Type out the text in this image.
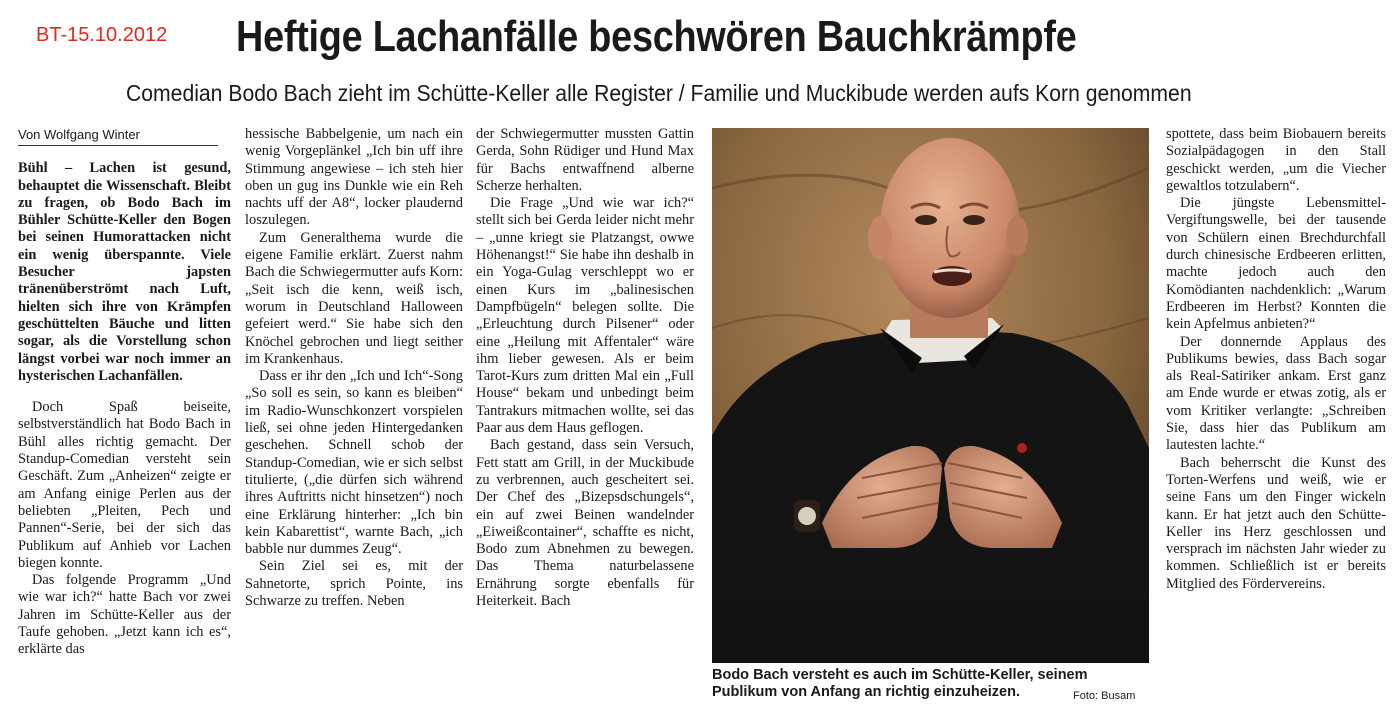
BT-15.10.2012 Heftige Lachanfälle beschwören Bauchkrämpfe
Comedian Bodo Bach zieht im Schütte-Keller alle Register / Familie und Muckibude werden aufs Korn genommen
Von Wolfgang Winter

Bühl – Lachen ist gesund, behauptet die Wissenschaft. Bleibt zu fragen, ob Bodo Bach im Bühler Schütte-Keller den Bogen bei seinen Humorattacken nicht ein wenig überspannte. Viele Besucher japsten tränenüberströmt nach Luft, hielten sich ihre von Krämpfen geschüttelten Bäuche und litten sogar, als die Vorstellung schon längst vorbei war noch immer an hysterischen Lachanfällen.

Doch Spaß beiseite, selbstverständlich hat Bodo Bach in Bühl alles richtig gemacht. Der Standup-Comedian versteht sein Geschäft. Zum „Anheizen“ zeigte er am Anfang einige Perlen aus der beliebten „Pleiten, Pech und Pannen“-Serie, bei der sich das Publikum auf Anhieb vor Lachen biegen konnte.

Das folgende Programm „Und wie war ich?“ hatte Bach vor zwei Jahren im Schütte-Keller aus der Taufe gehoben. „Jetzt kann ich es“, erklärte das

hessische Babbelgenie, um nach ein wenig Vorgeplänkel „Ich bin uff ihre Stimmung angewiese – ich steh hier oben un gug ins Dunkle wie ein Reh nachts uff der A8“, locker plaudernd loszulegen.

Zum Generalthema wurde die eigene Familie erklärt. Zuerst nahm Bach die Schwiegermutter aufs Korn: „Seit isch die kenn, weiß isch, worum in Deutschland Halloween gefeiert werd.“ Sie habe sich den Knöchel gebrochen und liegt seither im Krankenhaus.

Dass er ihr den „Ich und Ich“-Song „So soll es sein, so kann es bleiben“ im Radio-Wunschkonzert vorspielen ließ, sei ohne jeden Hintergedanken geschehen. Schnell schob der Standup-Comedian, wie er sich selbst titulierte, („die dürfen sich während ihres Auftritts nicht hinsetzen“) noch eine Erklärung hinterher: „Ich bin kein Kabarettist“, warnte Bach, „ich babble nur dummes Zeug“.

Sein Ziel sei es, mit der Sahnetorte, sprich Pointe, ins Schwarze zu treffen. Neben

der Schwiegermutter mussten Gattin Gerda, Sohn Rüdiger und Hund Max für Bachs entwaffnend alberne Scherze herhalten.

Die Frage „Und wie war ich?“ stellt sich bei Gerda leider nicht mehr – „unne kriegt sie Platzangst, owwe Höhenangst!“ Sie habe ihn deshalb in ein Yoga-Gulag verschleppt wo er einen Kurs im „balinesischen Dampfbügeln“ belegen sollte. Die „Erleuchtung durch Pilsener“ oder eine „Heilung mit Affentaler“ wäre ihm lieber gewesen. Als er beim Tarot-Kurs zum dritten Mal ein „Full House“ bekam und unbedingt beim Tantrakurs mitmachen wollte, sei das Paar aus dem Haus geflogen.

Bach gestand, dass sein Versuch, Fett statt am Grill, in der Muckibude zu verbrennen, auch gescheitert sei. Der Chef des „Bizepsdschungels“, ein auf zwei Beinen wandelnder „Eiweißcontainer“, schaffte es nicht, Bodo zum Abnehmen zu bewegen. Das Thema naturbelassene Ernährung sorgte ebenfalls für Heiterkeit. Bach

Bodo Bach versteht es auch im Schütte-Keller, seinem Publikum von Anfang an richtig einzuheizen.	Foto: Busam

spottete, dass beim Biobauern bereits Sozialpädagogen in den Stall geschickt werden, „um die Viecher gewaltlos totzulabern“.

Die jüngste Lebensmittel-Vergiftungswelle, bei der tausende von Schülern einen Brechdurchfall durch chinesische Erdbeeren erlitten, machte jedoch auch den Komödianten nachdenklich: „Warum Erdbeeren im Herbst? Konnten die kein Apfelmus anbieten?“

Der donnernde Applaus des Publikums bewies, dass Bach sogar als Real-Satiriker ankam. Erst ganz am Ende wurde er etwas zotig, als er vom Kritiker verlangte: „Schreiben Sie, dass hier das Publikum am lautesten lachte.“

Bach beherrscht die Kunst des Torten-Werfens und weiß, wie er seine Fans um den Finger wickeln kann. Er hat jetzt auch den Schütte-Keller ins Herz geschlossen und versprach im nächsten Jahr wieder zu kommen. Schließlich ist er bereits Mitglied des Fördervereins.
